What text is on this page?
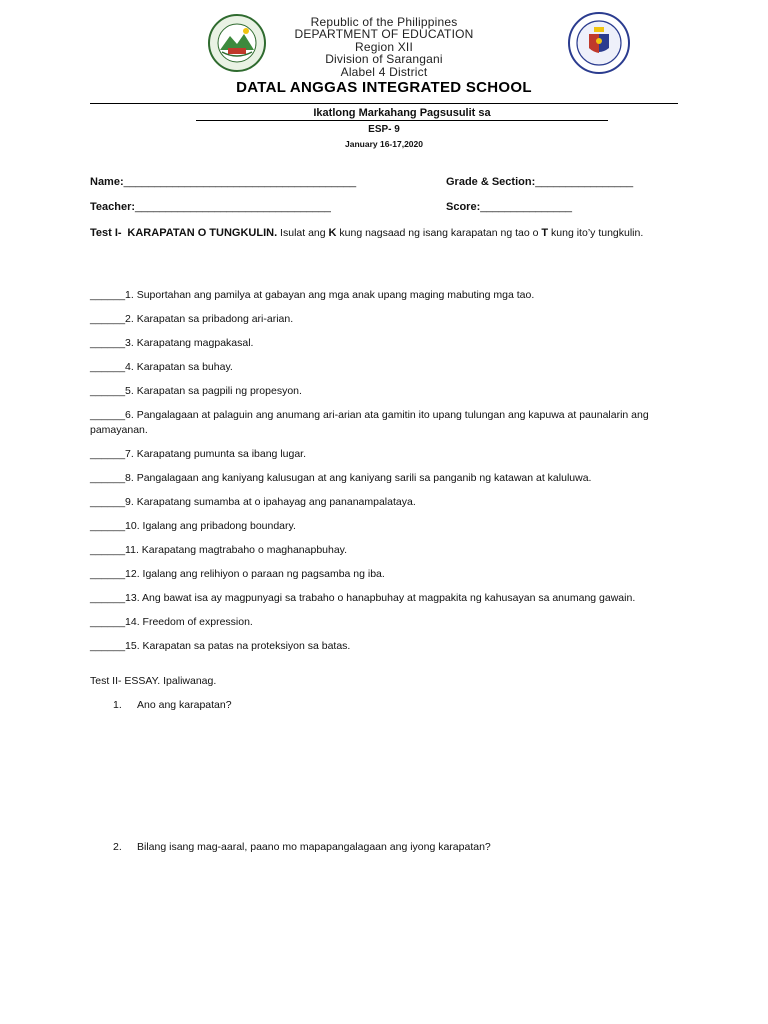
Republic of the Philippines
DEPARTMENT OF EDUCATION
Region XII
Division of Sarangani
Alabel 4 District
DATAL ANGGAS INTEGRATED SCHOOL
Ikatlong Markahang Pagsusulit sa
ESP- 9
January 16-17,2020
Name:______________________________________	Grade & Section:________________
Teacher:________________________________	Score:_______________
Test I- KARAPATAN O TUNGKULIN. Isulat ang K kung nagsaad ng isang karapatan ng tao o T kung ito’y tungkulin.
______1. Suportahan ang pamilya at gabayan ang mga anak upang maging mabuting mga tao.
______2. Karapatan sa pribadong ari-arian.
______3. Karapatang magpakasal.
______4. Karapatan sa buhay.
______5. Karapatan sa pagpili ng propesyon.
______6. Pangalagaan at palaguin ang anumang ari-arian ata gamitin ito upang tulungan ang kapuwa at paunalarin ang pamayanan.
______7. Karapatang pumunta sa ibang lugar.
______8. Pangalagaan ang kaniyang kalusugan at ang kaniyang sarili sa panganib ng katawan at kaluluwa.
______9. Karapatang sumamba at o ipahayag ang pananampalataya.
______10. Igalang ang pribadong boundary.
______11. Karapatang magtrabaho o maghanapbuhay.
______12. Igalang ang relihiyon o paraan ng pagsamba ng iba.
______13. Ang bawat isa ay magpunyagi sa trabaho o hanapbuhay at magpakita ng kahusayan sa anumang gawain.
______14. Freedom of expression.
______15. Karapatan sa patas na proteksiyon sa batas.
Test II- ESSAY. Ipaliwanag.
1. Ano ang karapatan?
2. Bilang isang mag-aaral, paano mo mapapangalagaan ang iyong karapatan?
